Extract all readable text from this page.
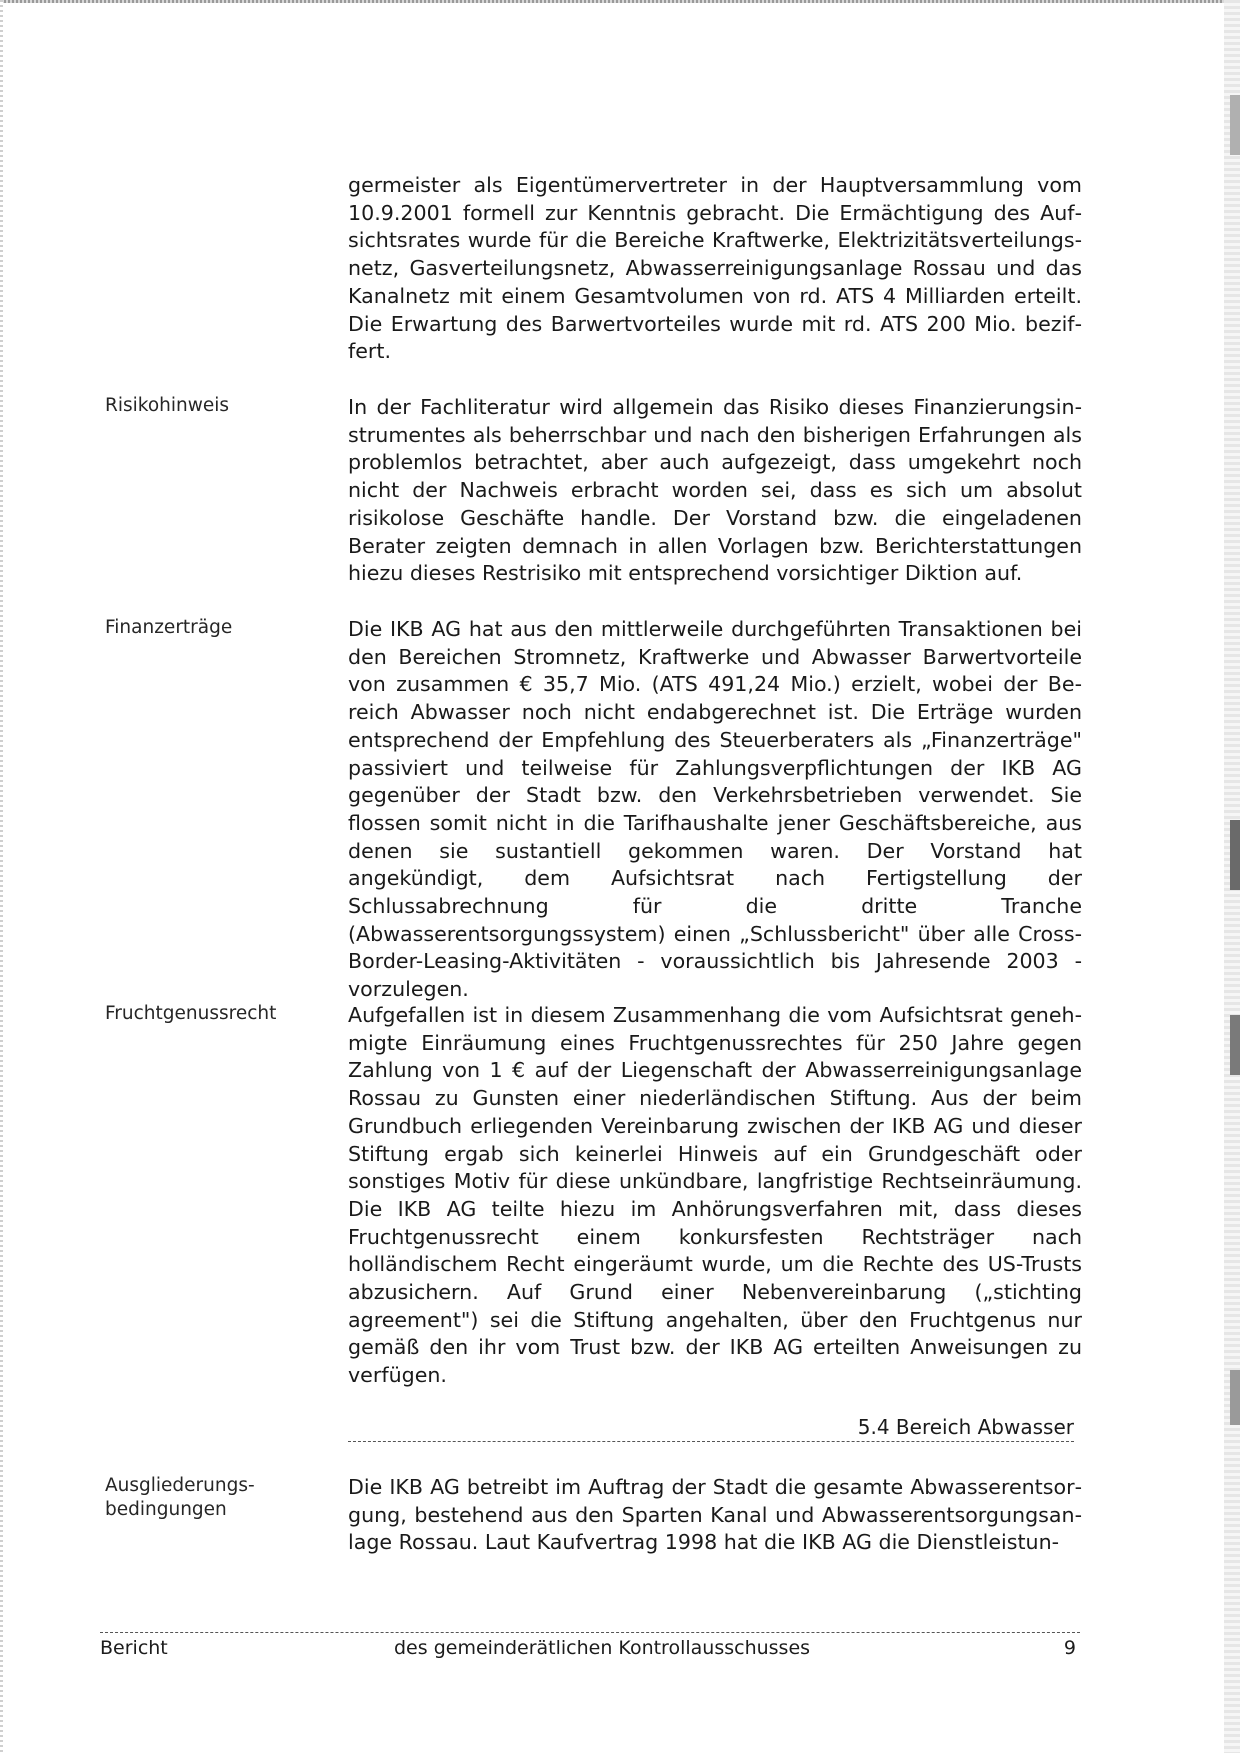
germeister als Eigentümervertreter in der Hauptversammlung vom 10.9.2001 formell zur Kenntnis gebracht. Die Ermächtigung des Aufsichtsrates wurde für die Bereiche Kraftwerke, Elektrizitätsverteilungsnetz, Gasverteilungsnetz, Abwasserreinigungsanlage Rossau und das Kanalnetz mit einem Gesamtvolumen von rd. ATS 4 Milliarden erteilt. Die Erwartung des Barwertvorteiles wurde mit rd. ATS 200 Mio. beziffert.
Risikohinweis	In der Fachliteratur wird allgemein das Risiko dieses Finanzierungsinstrumentes als beherrschbar und nach den bisherigen Erfahrungen als problemlos betrachtet, aber auch aufgezeigt, dass umgekehrt noch nicht der Nachweis erbracht worden sei, dass es sich um absolut risikolose Geschäfte handle. Der Vorstand bzw. die eingeladenen Berater zeigten demnach in allen Vorlagen bzw. Berichterstattungen hiezu dieses Restrisiko mit entsprechend vorsichtiger Diktion auf.
Finanzerträge	Die IKB AG hat aus den mittlerweile durchgeführten Transaktionen bei den Bereichen Stromnetz, Kraftwerke und Abwasser Barwertvorteile von zusammen € 35,7 Mio. (ATS 491,24 Mio.) erzielt, wobei der Bereich Abwasser noch nicht endabgerechnet ist. Die Erträge wurden entsprechend der Empfehlung des Steuerberaters als „Finanzerträge" passiviert und teilweise für Zahlungsverpflichtungen der IKB AG gegenüber der Stadt bzw. den Verkehrsbetrieben verwendet. Sie flossen somit nicht in die Tarifhaushalte jener Geschäftsbereiche, aus denen sie sustantiell gekommen waren. Der Vorstand hat angekündigt, dem Aufsichtsrat nach Fertigstellung der Schlussabrechnung für die dritte Tranche (Abwasserentsorgungssystem) einen „Schlussbericht" über alle Cross-Border-Leasing-Aktivitäten - voraussichtlich bis Jahresende 2003 - vorzulegen.
Fruchtgenussrecht	Aufgefallen ist in diesem Zusammenhang die vom Aufsichtsrat genehmigte Einräumung eines Fruchtgenussrechtes für 250 Jahre gegen Zahlung von 1 € auf der Liegenschaft der Abwasserreinigungsanlage Rossau zu Gunsten einer niederländischen Stiftung. Aus der beim Grundbuch erliegenden Vereinbarung zwischen der IKB AG und dieser Stiftung ergab sich keinerlei Hinweis auf ein Grundgeschäft oder sonstiges Motiv für diese unkündbare, langfristige Rechtseinräumung. Die IKB AG teilte hiezu im Anhörungsverfahren mit, dass dieses Fruchtgenussrecht einem konkursfesten Rechtsträger nach holländischem Recht eingeräumt wurde, um die Rechte des US-Trusts abzusichern. Auf Grund einer Nebenvereinbarung („stichting agreement") sei die Stiftung angehalten, über den Fruchtgenus nur gemäß den ihr vom Trust bzw. der IKB AG erteilten Anweisungen zu verfügen.
5.4 Bereich Abwasser
Ausgliederungs-
bedingungen
Die IKB AG betreibt im Auftrag der Stadt die gesamte Abwasserentsorgung, bestehend aus den Sparten Kanal und Abwasserentsorgungsanlage Rossau. Laut Kaufvertrag 1998 hat die IKB AG die Dienstleistun-
Bericht	des gemeinderätlichen Kontrollausschusses	9
